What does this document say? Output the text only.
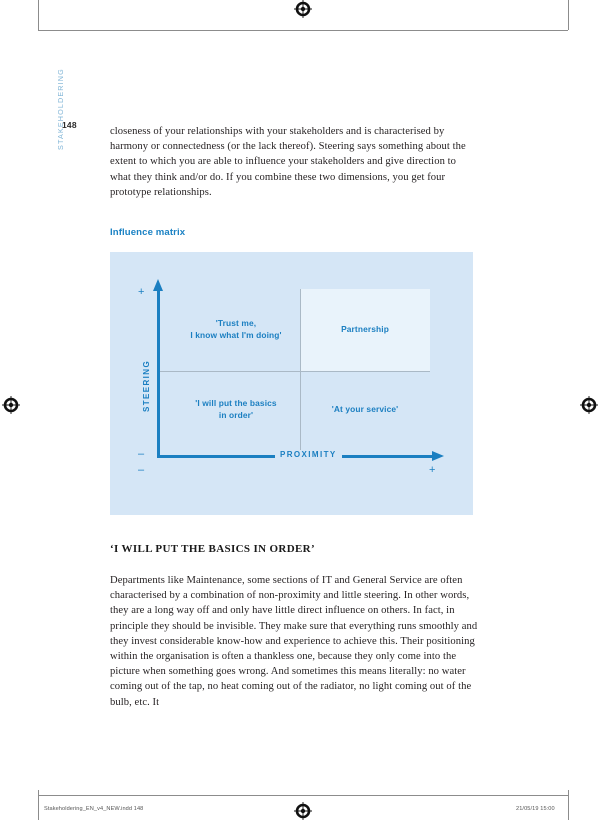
148
STAKEHOLDERING	closeness of your relationships with your stakeholders and is characterised by harmony or connectedness (or the lack thereof). Steering says something about the extent to which you are able to influence your stakeholders and give direction to what they think and/or do. If you combine these two dimensions, you get four prototype relationships.

Influence matrix
STEERING
PROXIMITY
+
–
–	+
'Trust me,
I know what I'm doing'
Partnership
'I will put the basics
in order'
'At your service'
‘I WILL PUT THE BASICS IN ORDER’

Departments like Maintenance, some sections of IT and General Service are often characterised by a combination of non-proximity and little steering. In other words, they are a long way off and only have little direct influence on others. In fact, in principle they should be invisible. They make sure that everything runs smoothly and they invest considerable know-how and experience to achieve this. Their positioning within the organisation is often a thankless one, because they only come into the picture when something goes wrong. And sometimes this means literally: no water coming out of the tap, no heat coming out of the radiator, no light coming out of the bulb, etc. It

Stakeholdering_EN_v4_NEW.indd 148	21/05/19 15:00
